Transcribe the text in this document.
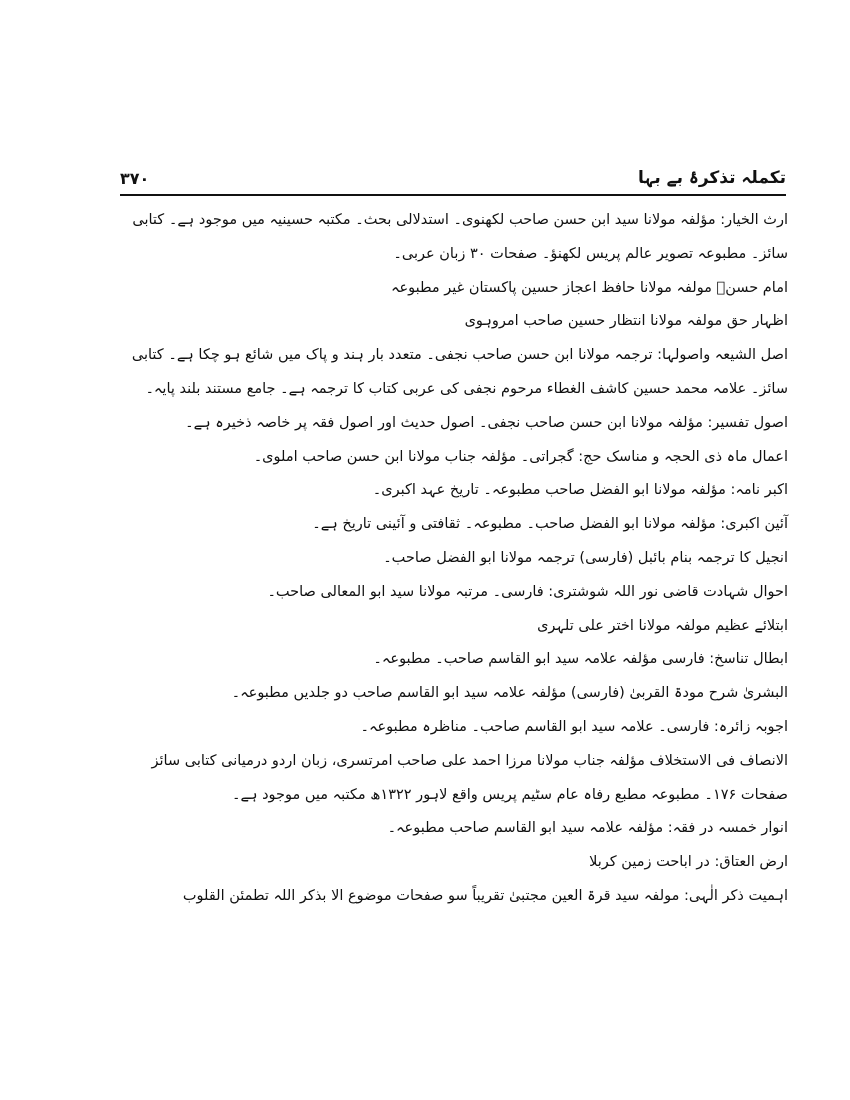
۳۷۰	تکملہ تذکرۂ بے بہا

ارث الخیار: مؤلفہ مولانا سید ابن حسن صاحب لکھنوی۔ استدلالی بحث۔ مکتبہ حسینیہ میں موجود ہے۔ کتابی

سائز۔ مطبوعہ تصویر عالم پریس لکھنؤ۔ صفحات ۳۰ زبان عربی۔

امام حسنؑ مولفہ مولانا حافظ اعجاز حسین پاکستان غیر مطبوعہ

اظہار حق مولفہ مولانا انتظار حسین صاحب امروہوی

اصل الشیعہ واصولہا: ترجمہ مولانا ابن حسن صاحب نجفی۔ متعدد بار ہند و پاک میں شائع ہو چکا ہے۔ کتابی

سائز۔ علامہ محمد حسین کاشف الغطاء مرحوم نجفی کی عربی کتاب کا ترجمہ ہے۔ جامع مستند بلند پایہ۔

اصول تفسیر: مؤلفہ مولانا ابن حسن صاحب نجفی۔ اصول حدیث اور اصول فقہ پر خاصہ ذخیرہ ہے۔

اعمال ماہ ذی الحجہ و مناسک حج: گجراتی۔ مؤلفہ جناب مولانا ابن حسن صاحب املوی۔

اکبر نامہ: مؤلفہ مولانا ابو الفضل صاحب مطبوعہ۔ تاریخ عہد اکبری۔

آئین اکبری: مؤلفہ مولانا ابو الفضل صاحب۔ مطبوعہ۔ ثقافتی و آئینی تاریخ ہے۔

انجیل کا ترجمہ بنام بائبل (فارسی) ترجمہ مولانا ابو الفضل صاحب۔

احوال شہادت قاضی نور اللہ شوشتری: فارسی۔ مرتبہ مولانا سید ابو المعالی صاحب۔

ابتلائے عظیم مولفہ مولانا اختر علی تلہری

ابطال تناسخ: فارسی مؤلفہ علامہ سید ابو القاسم صاحب۔ مطبوعہ۔

البشریٰ شرح مودۃ القربیٰ (فارسی) مؤلفہ علامہ سید ابو القاسم صاحب دو جلدیں مطبوعہ۔

اجوبہ زائرہ: فارسی۔ علامہ سید ابو القاسم صاحب۔ مناظرہ مطبوعہ۔

الانصاف فی الاستخلاف مؤلفہ جناب مولانا مرزا احمد علی صاحب امرتسری، زبان اردو درمیانی کتابی سائز

صفحات ۱۷۶۔ مطبوعہ مطبع رفاہ عام سٹیم پریس واقع لاہور ۱۳۲۲ھ مکتبہ میں موجود ہے۔

انوار خمسہ در فقہ: مؤلفہ علامہ سید ابو القاسم صاحب مطبوعہ۔

ارض العتاق: در اباحت زمین کربلا

اہمیت ذکر الٰہی: مولفہ سید قرۃ العین مجتبیٰ تقریباً سو صفحات موضوع الا بذکر اللہ تطمئن القلوب
